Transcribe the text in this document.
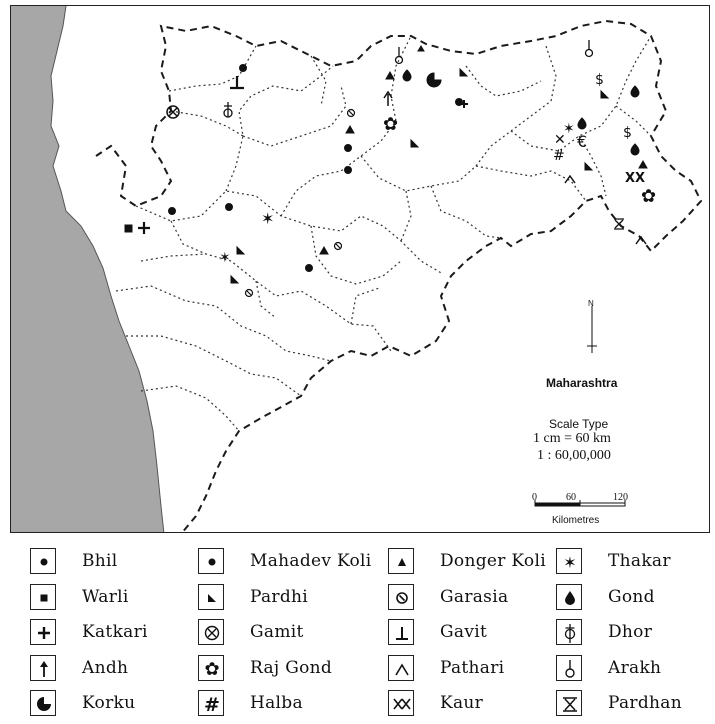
✿
✿
✶
✶
✶
#
✕
XX
$
$
€
Maharashtra
Scale Type
1 cm = 60 km
1 : 60,00,000
0	60	120
Kilometres
N
Bhil
Warli
Katkari
Andh
Korku
Mahadev Koli
Pardhi
Gamit
✿ Raj Gond
# Halba
Donger Koli
Garasia
Gavit
Pathari
Kaur
✶ Thakar
Gond
Dhor
Arakh
Pardhan
